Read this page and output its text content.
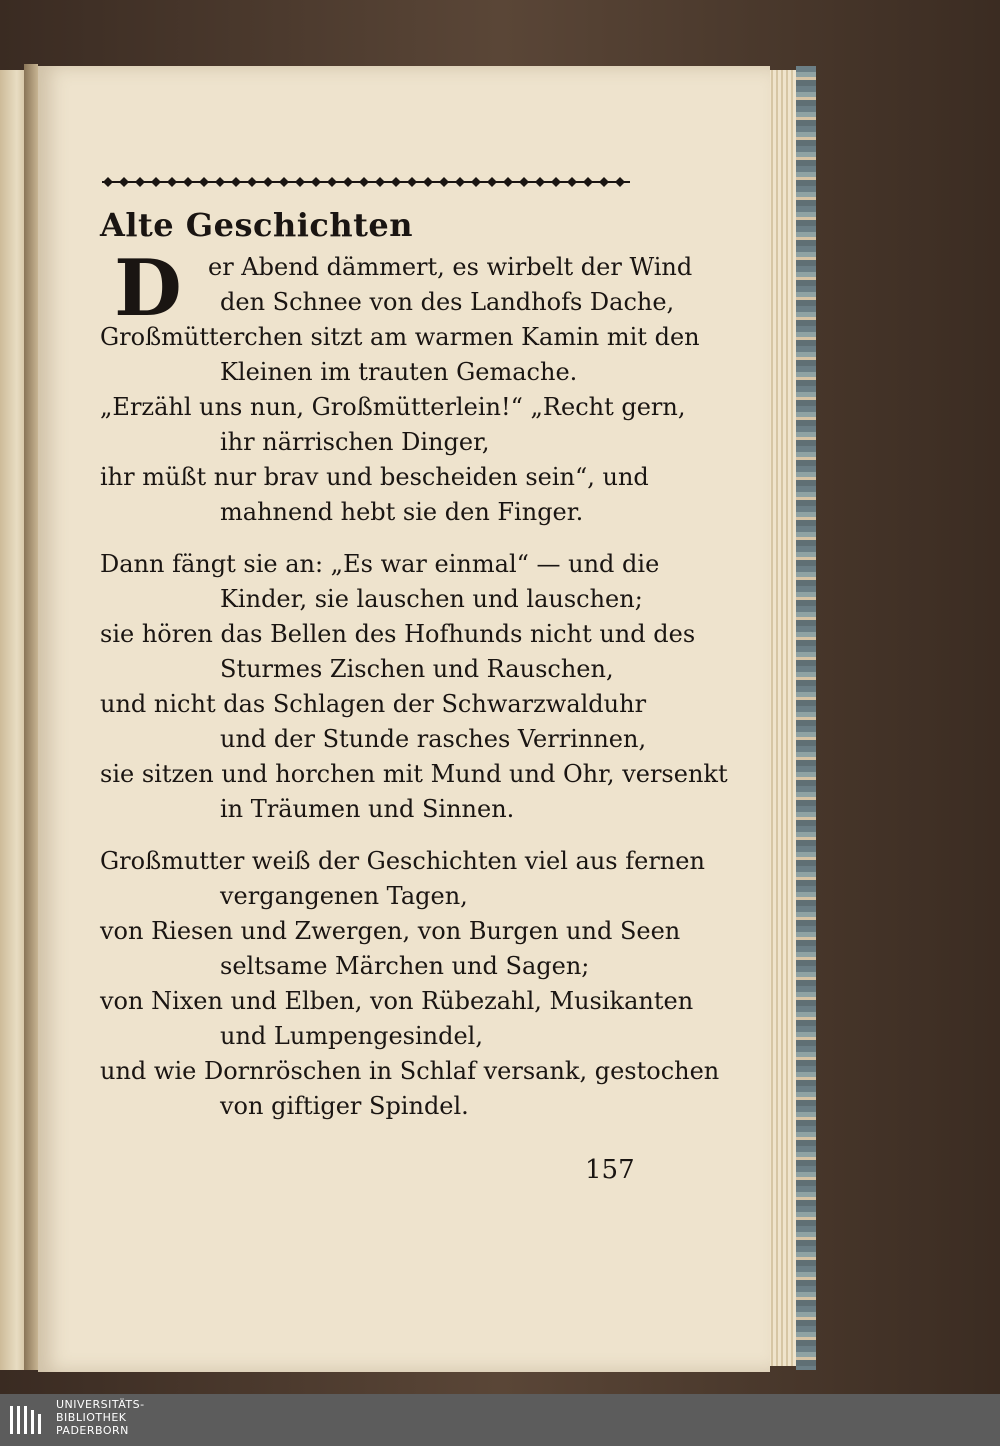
Alte Geschichten
D	er Abend dämmert, es wirbelt der Wind
den Schnee von des Landhofs Dache,
Großmütterchen sitzt am warmen Kamin mit den
Kleinen im trauten Gemache.
„Erzähl uns nun, Großmütterlein!“ „Recht gern,
ihr närrischen Dinger,
ihr müßt nur brav und bescheiden sein“, und
mahnend hebt sie den Finger.
Dann fängt sie an: „Es war einmal“ — und die
Kinder, sie lauschen und lauschen;
sie hören das Bellen des Hofhunds nicht und des
Sturmes Zischen und Rauschen,
und nicht das Schlagen der Schwarzwalduhr
und der Stunde rasches Verrinnen,
sie sitzen und horchen mit Mund und Ohr, versenkt
in Träumen und Sinnen.
Großmutter weiß der Geschichten viel aus fernen
vergangenen Tagen,
von Riesen und Zwergen, von Burgen und Seen
seltsame Märchen und Sagen;
von Nixen und Elben, von Rübezahl, Musikanten
und Lumpengesindel,
und wie Dornröschen in Schlaf versank, gestochen
von giftiger Spindel.
157
UNIVERSITÄTS-
BIBLIOTHEK
PADERBORN
